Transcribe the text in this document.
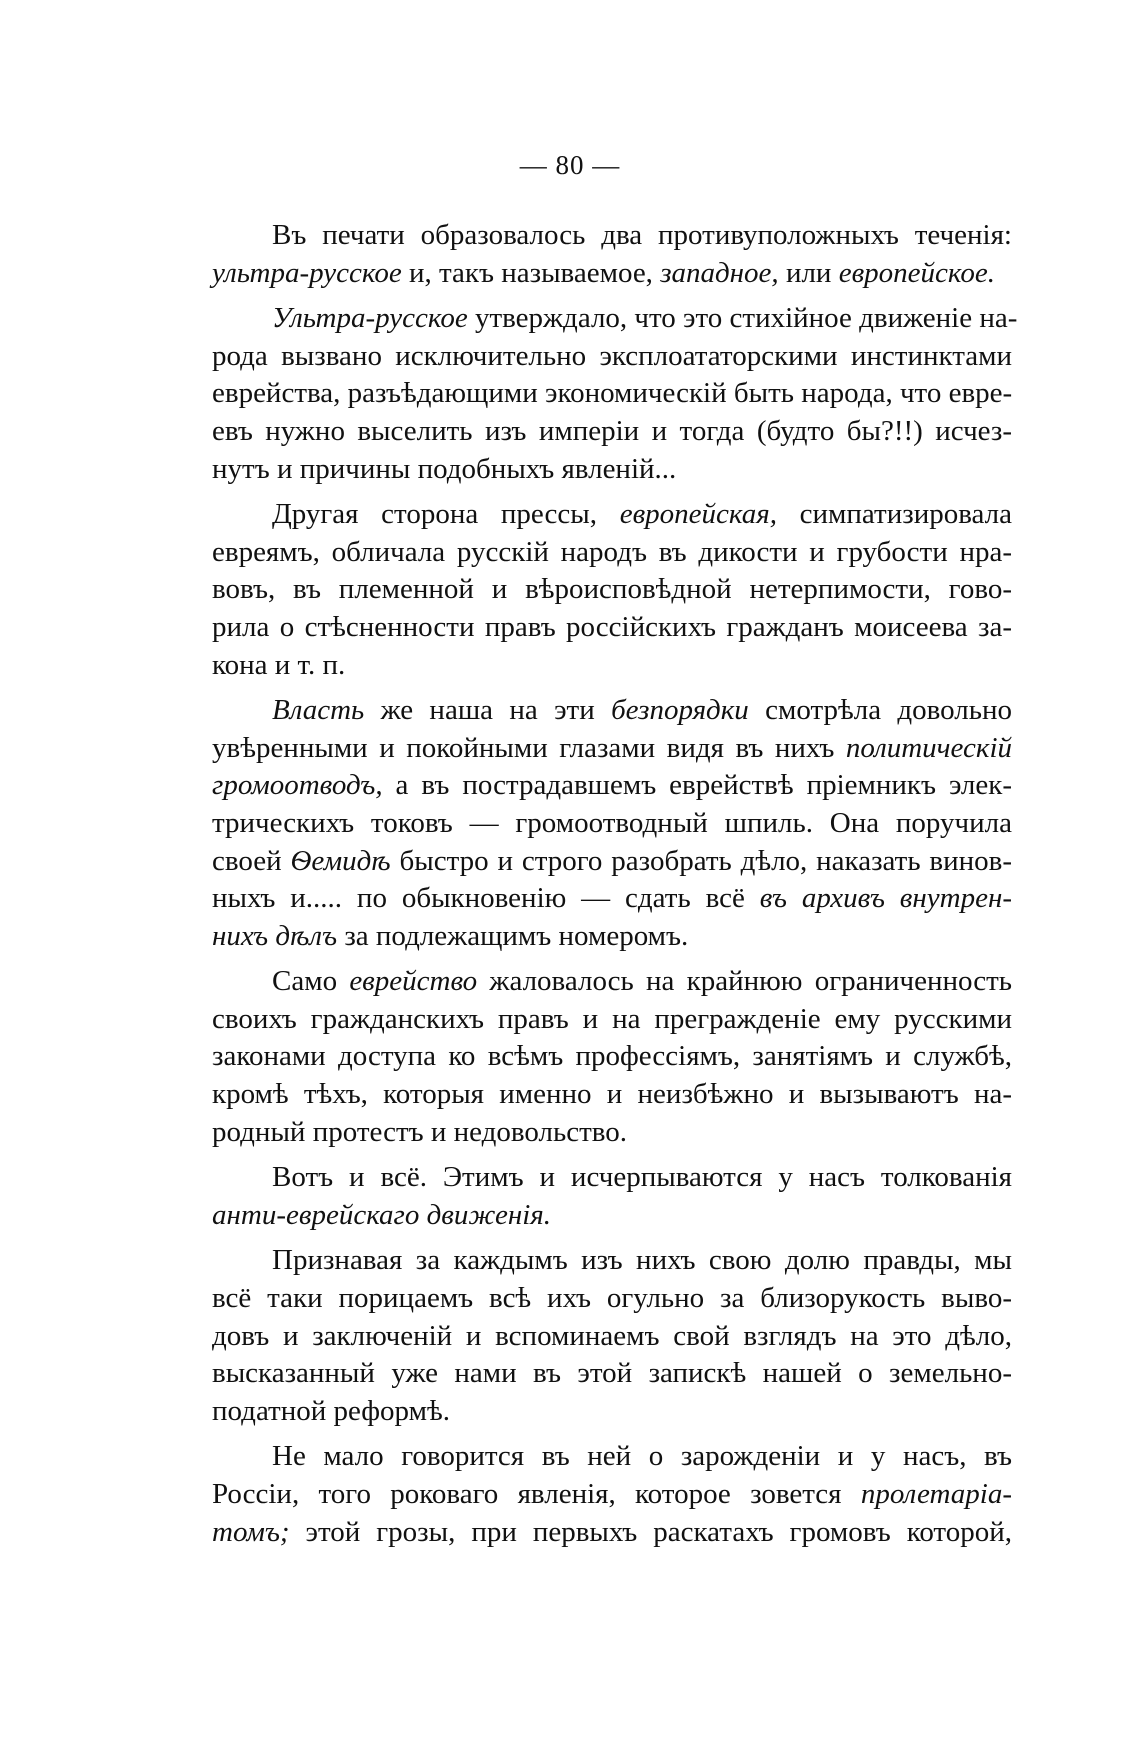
— 80 —
Въ печати образовалось два противуположныхъ теченія:
ультра-русское и, такъ называемое, западное, или европейское.
Ультра-русское утверждало, что это стихійное движеніе на-
рода вызвано исключительно эксплоататорскими инстинктами
еврейства, разъѣдающими экономическій быть народа, что евре-
евъ нужно выселить изъ имперіи и тогда (будто бы?!!) исчез-
нутъ и причины подобныхъ явленій...
Другая сторона прессы, европейская, симпатизировала
евреямъ, обличала русскій народъ въ дикости и грубости нра-
вовъ, въ племенной и вѣроисповѣдной нетерпимости, гово-
рила о стѣсненности правъ россійскихъ гражданъ моисеева за-
кона и т. п.
Власть же наша на эти безпорядки смотрѣла довольно
увѣренными и покойными глазами видя въ нихъ политическій
громоотводъ, а въ пострадавшемъ еврействѣ пріемникъ элек-
трическихъ токовъ — громоотводный шпиль. Она поручила
своей Ѳемидѣ быстро и строго разобрать дѣло, наказать винов-
ныхъ и..... по обыкновенію — сдать всё въ архивъ внутрен-
нихъ дѣлъ за подлежащимъ номеромъ.
Само еврейство жаловалось на крайнюю ограниченность
своихъ гражданскихъ правъ и на преграждeніе ему русскими
законами доступа ко всѣмъ профессіямъ, занятіямъ и службѣ,
кромѣ тѣхъ, которыя именно и неизбѣжно и вызываютъ на-
родный протестъ и недовольство.
Вотъ и всё. Этимъ и исчерпываются у насъ толкованія
анти-еврейскаго движенія.
Признавая за каждымъ изъ нихъ свою долю правды, мы
всё таки порицаемъ всѣ ихъ огульно за близорукость выво-
довъ и заключеній и вспоминаемъ свой взглядъ на это дѣло,
высказанный уже нами въ этой запискѣ нашей о земельно-
податной реформѣ.
Не мало говорится въ ней о зарожденіи и у насъ, въ
Россіи, того роковаго явленія, которое зовется пролетаріа-
томъ; этой грозы, при первыхъ раскатахъ громовъ которой,
